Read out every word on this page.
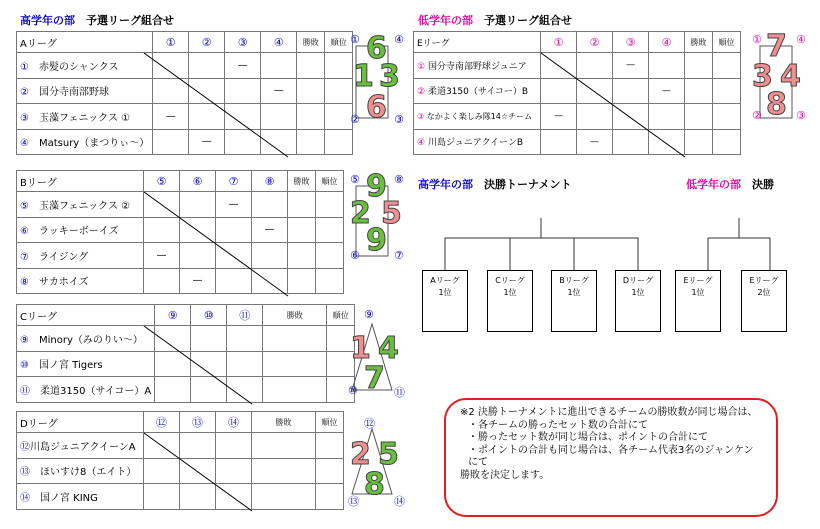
高学年の部　 予選リーグ組合せ	低学年の部　 予選リーグ組合せ
Aリーグ	①	②	③	④	勝敗	順位
①　 赤髪のシャンクス			—			
②　 国分寺南部野球				—		
③　 玉藻フェニックス ①	—					
④　 Matsury（まつりぃ～）		—				
Bリーグ	⑤	⑥	⑦	⑧	勝敗	順位
⑤　 玉藻フェニックス ②			—			
⑥　 ラッキーボーイズ				—		
⑦　 ライジング	—					
⑧　 サカホイズ		—				
Cリーグ	⑨	⑩	⑪	勝敗	順位
⑨　 Minory（みのりい～）					
⑩　 国ノ宮 Tigers					
⑪　 柔道3150（サイコー）A					
Dリーグ	⑫	⑬	⑭	勝敗	順位
⑫川島ジュニアクイーンA					
⑬　 ほいすけ8（エイト）					
⑭　 国ノ宮 KING					
Eリーグ	①	②	③	④	勝敗	順位
① 国分寺南部野球ジュニア			—			
② 柔道3150（サイコー）B				—		
③ なかよく楽しみ隊14☆チーム	—					
④ 川島ジュニアクイーンB		—				
①	④
②	③
6
1 3
6
⑤	⑧
⑥	⑦
9
2 5
9
⑨
⑩	⑪
1 4
7
⑫
⑬	⑭
2 5
8
①	④
②	③
7
3 4
8
高学年の部　 決勝トーナメント	低学年の部　 決勝
Aリーグ
1位
Cリーグ
1位
Bリーグ
1位
Dリーグ
1位
Eリーグ
1位
Eリーグ
2位
※2 決勝トーナメントに進出できるチームの勝敗数が同じ場合は、
・各チームの勝ったセット数の合計にて
・勝ったセット数が同じ場合は、ポイントの合計にて
・ポイントの合計も同じ場合は、各チーム代表3名のジャンケンにて
勝敗を決定します。
